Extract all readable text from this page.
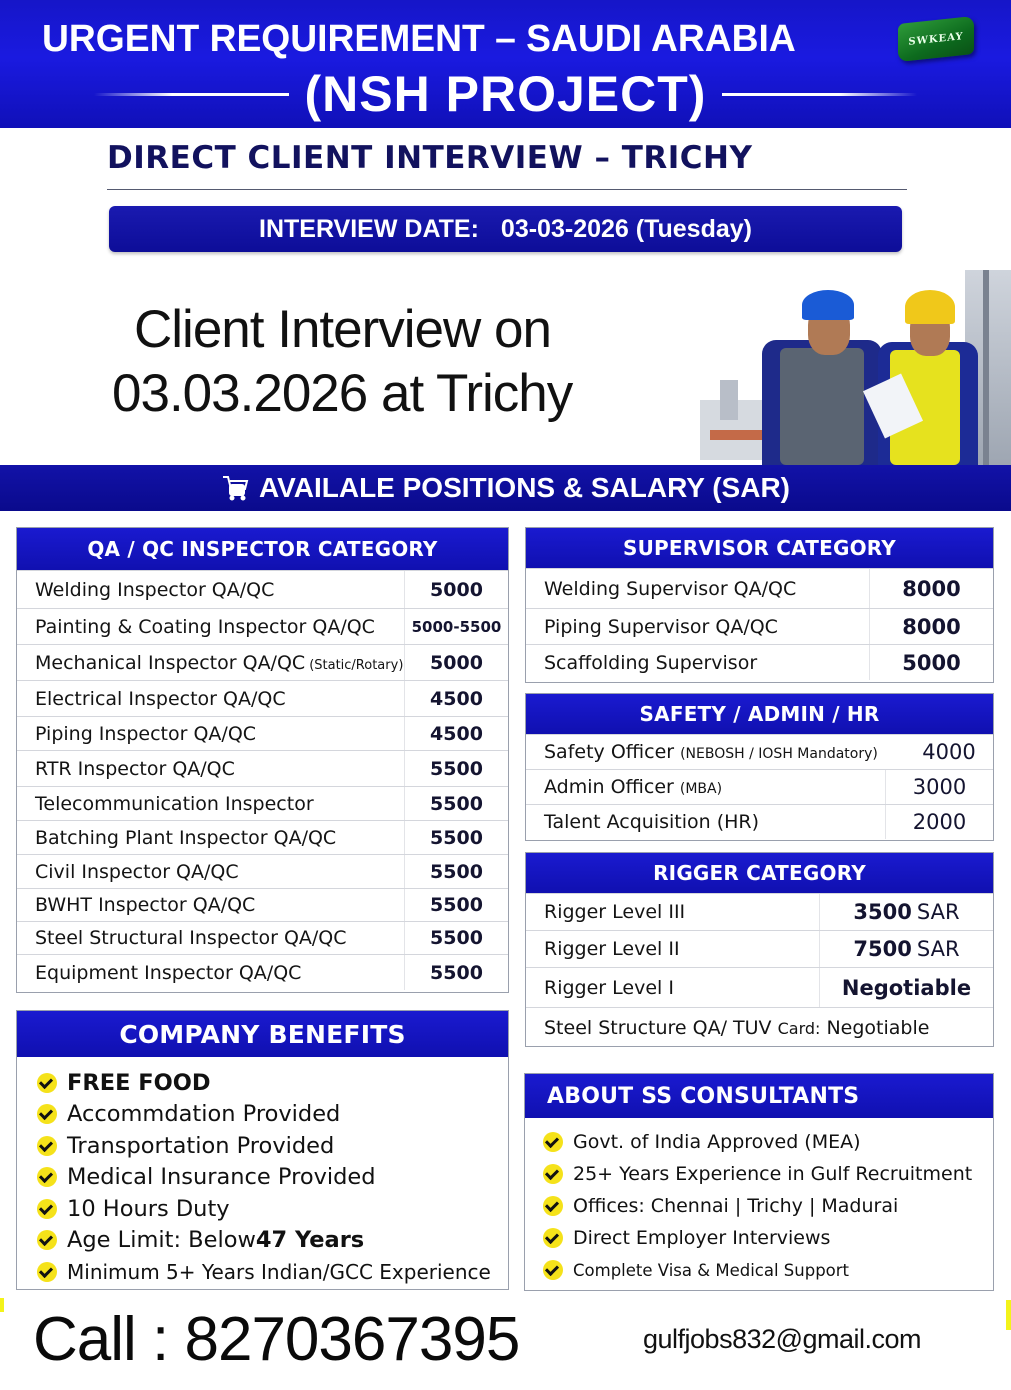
URGENT REQUIREMENT – SAUDI ARABIA	SWKEAY
(NSH PROJECT)
DIRECT CLIENT INTERVIEW – TRICHY
INTERVIEW DATE: 03-03-2026 (Tuesday)
Client Interview on
03.03.2026 at Trichy
AVAILALE POSITIONS & SALARY (SAR)
QA / QC INSPECTOR CATEGORY
Welding Inspector QA/QC	5000
Painting & Coating Inspector QA/QC	5000-5500
Mechanical Inspector QA/QC (Static/Rotary)	5000
Electrical Inspector QA/QC	4500
Piping Inspector QA/QC	4500
RTR Inspector QA/QC	5500
Telecommunication Inspector	5500
Batching Plant Inspector QA/QC	5500
Civil Inspector QA/QC	5500
BWHT Inspector QA/QC	5500
Steel Structural Inspector QA/QC	5500
Equipment Inspector QA/QC	5500
SUPERVISOR CATEGORY
Welding Supervisor QA/QC	8000
Piping Supervisor QA/QC	8000
Scaffolding Supervisor	5000
SAFETY / ADMIN / HR
Safety Officer (NEBOSH / IOSH Mandatory)	4000
Admin Officer (MBA)	3000
Talent Acquisition (HR)	2000
RIGGER CATEGORY
Rigger Level III	3500 SAR
Rigger Level II	7500 SAR
Rigger Level I	Negotiable
Steel Structure QA/ TUV Card: Negotiable
COMPANY BENEFITS
FREE FOOD
Accommdation Provided
Transportation Provided
Medical Insurance Provided
10 Hours Duty
Age Limit: Below 47 Years
Minimum 5+ Years Indian/GCC Experience
ABOUT SS CONSULTANTS
Govt. of India Approved (MEA)
25+ Years Experience in Gulf Recruitment
Offices: Chennai | Trichy | Madurai
Direct Employer Interviews
Complete Visa & Medical Support
Call : 8270367395	gulfjobs832@gmail.com
